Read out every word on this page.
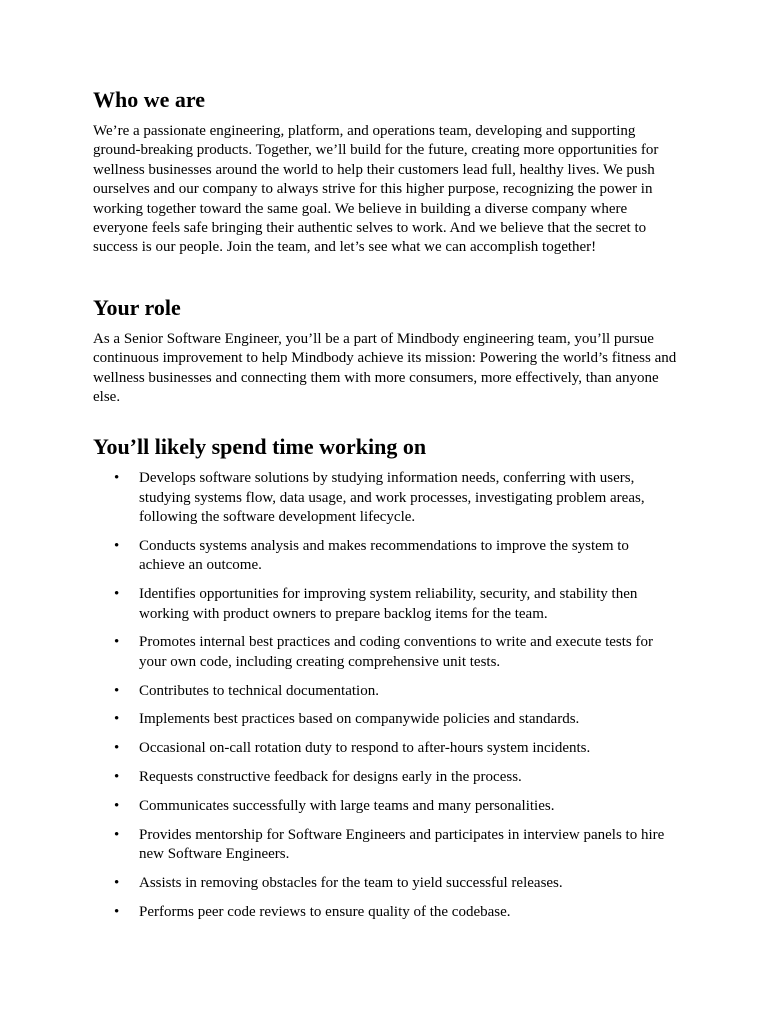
Who we are

We’re a passionate engineering, platform, and operations team, developing and supporting ground-breaking products. Together, we’ll build for the future, creating more opportunities for wellness businesses around the world to help their customers lead full, healthy lives. We push ourselves and our company to always strive for this higher purpose, recognizing the power in working together toward the same goal. We believe in building a diverse company where everyone feels safe bringing their authentic selves to work. And we believe that the secret to success is our people. Join the team, and let’s see what we can accomplish together!

Your role

As a Senior Software Engineer, you’ll be a part of Mindbody engineering team, you’ll pursue continuous improvement to help Mindbody achieve its mission: Powering the world’s fitness and wellness businesses and connecting them with more consumers, more effectively, than anyone else.

You’ll likely spend time working on
• Develops software solutions by studying information needs, conferring with users, studying systems flow, data usage, and work processes, investigating problem areas, following the software development lifecycle.
• Conducts systems analysis and makes recommendations to improve the system to achieve an outcome.
• Identifies opportunities for improving system reliability, security, and stability then working with product owners to prepare backlog items for the team.
• Promotes internal best practices and coding conventions to write and execute tests for your own code, including creating comprehensive unit tests.
• Contributes to technical documentation.
• Implements best practices based on companywide policies and standards.
• Occasional on-call rotation duty to respond to after-hours system incidents.
• Requests constructive feedback for designs early in the process.
• Communicates successfully with large teams and many personalities.
• Provides mentorship for Software Engineers and participates in interview panels to hire new Software Engineers.
• Assists in removing obstacles for the team to yield successful releases.
• Performs peer code reviews to ensure quality of the codebase.
